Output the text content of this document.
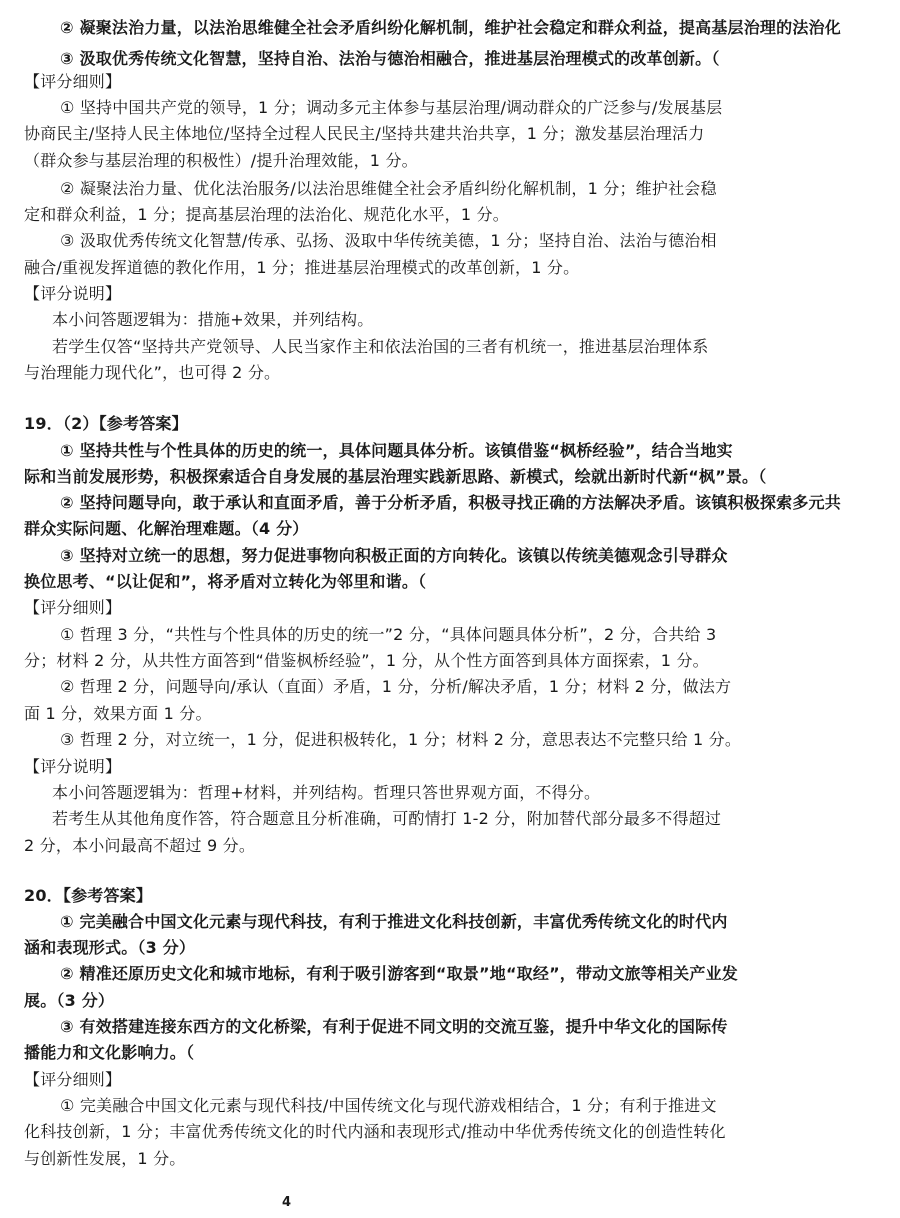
② 凝聚法治力量，以法治思维健全社会矛盾纠纷化解机制，维护社会稳定和群众利益，提高基层治理的法治化
③ 汲取优秀传统文化智慧，坚持自治、法治与德治相融合，推进基层治理模式的改革创新。（
【评分细则】
① 坚持中国共产党的领导，1 分；调动多元主体参与基层治理/调动群众的广泛参与/发展基层
协商民主/坚持人民主体地位/坚持全过程人民民主/坚持共建共治共享，1 分；激发基层治理活力
（群众参与基层治理的积极性）/提升治理效能，1 分。
② 凝聚法治力量、优化法治服务/以法治思维健全社会矛盾纠纷化解机制，1 分；维护社会稳
定和群众利益，1 分；提高基层治理的法治化、规范化水平，1 分。
③ 汲取优秀传统文化智慧/传承、弘扬、汲取中华传统美德，1 分；坚持自治、法治与德治相
融合/重视发挥道德的教化作用，1 分；推进基层治理模式的改革创新，1 分。
【评分说明】
本小问答题逻辑为：措施+效果，并列结构。
若学生仅答“坚持共产党领导、人民当家作主和依法治国的三者有机统一，推进基层治理体系
与治理能力现代化”，也可得 2 分。
19．（2）【参考答案】
① 坚持共性与个性具体的历史的统一，具体问题具体分析。该镇借鉴“枫桥经验”，结合当地实
际和当前发展形势，积极探索适合自身发展的基层治理实践新思路、新模式，绘就出新时代新“枫”景。（
② 坚持问题导向，敢于承认和直面矛盾，善于分析矛盾，积极寻找正确的方法解决矛盾。该镇积极探索多元共
群众实际问题、化解治理难题。（4 分）
③ 坚持对立统一的思想，努力促进事物向积极正面的方向转化。该镇以传统美德观念引导群众
换位思考、“以让促和”，将矛盾对立转化为邻里和谐。（
【评分细则】
① 哲理 3 分，“共性与个性具体的历史的统一”2 分，“具体问题具体分析”，2 分，合共给 3
分；材料 2 分，从共性方面答到“借鉴枫桥经验”，1 分，从个性方面答到具体方面探索，1 分。
② 哲理 2 分，问题导向/承认（直面）矛盾，1 分，分析/解决矛盾，1 分；材料 2 分，做法方
面 1 分，效果方面 1 分。
③ 哲理 2 分，对立统一，1 分，促进积极转化，1 分；材料 2 分，意思表达不完整只给 1 分。
【评分说明】
本小问答题逻辑为：哲理+材料，并列结构。哲理只答世界观方面，不得分。
若考生从其他角度作答，符合题意且分析准确，可酌情打 1-2 分，附加替代部分最多不得超过
2 分，本小问最高不超过 9 分。
20．【参考答案】
① 完美融合中国文化元素与现代科技，有利于推进文化科技创新，丰富优秀传统文化的时代内
涵和表现形式。（3 分）
② 精准还原历史文化和城市地标，有利于吸引游客到“取景”地“取经”，带动文旅等相关产业发
展。（3 分）
③ 有效搭建连接东西方的文化桥梁，有利于促进不同文明的交流互鉴，提升中华文化的国际传
播能力和文化影响力。（
【评分细则】
① 完美融合中国文化元素与现代科技/中国传统文化与现代游戏相结合，1 分；有利于推进文
化科技创新，1 分；丰富优秀传统文化的时代内涵和表现形式/推动中华优秀传统文化的创造性转化
与创新性发展，1 分。
4
